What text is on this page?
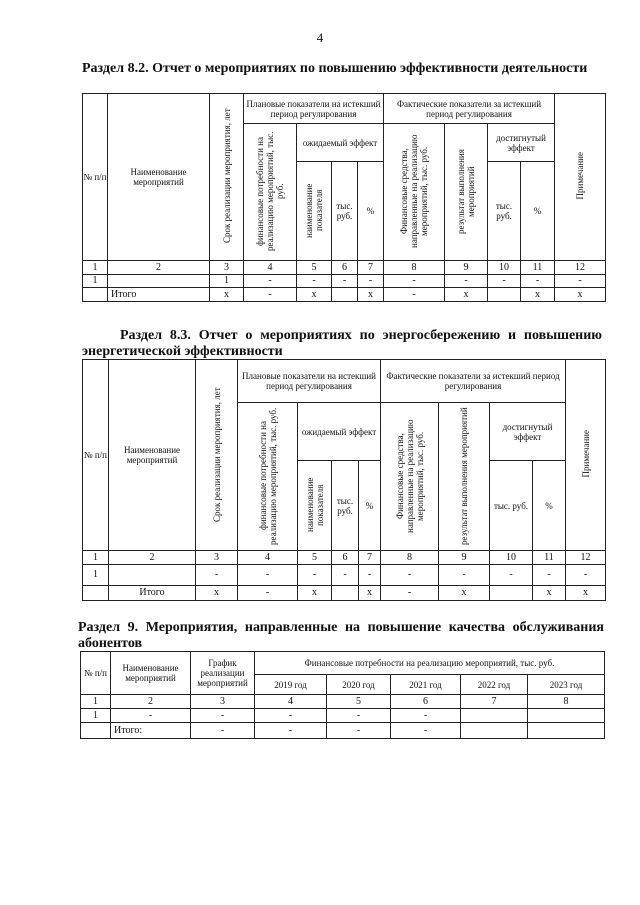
4
Раздел 8.2. Отчет о мероприятиях по повышению эффективности деятельности
№ п/п	Наименование мероприятий	Срок реализации мероприятия, лет	Плановые показатели на истекший период регулирования				Фактические показатели за истекший период регулирования				Примечание
			финансовые потребности на реализацию мероприятий, тыс. руб.	ожидаемый эффект			Финансовые средства, направленные на реализацию мероприятий, тыс. руб.	результат выполнения мероприятий	достигнутый эффект		
				наименование показателя	тыс. руб.	%			тыс. руб.	%	
1	2	3	4	5	6	7	8	9	10	11	12
1		1	-	-	-	-	-	-	-	-	-
	Итого	х	-	х		х	-	х		х	х
Раздел 8.3. Отчет о мероприятиях по энергосбережению и повышению энергетической эффективности
№ п/п	Наименование мероприятий	Срок реализации мероприятия, лет	Плановые показатели на истекший период регулирования				Фактические показатели за истекший период регулирования				Примечание
			финансовые потребности на реализацию мероприятий, тыс. руб.	ожидаемый эффект			Финансовые средства, направленные на реализацию мероприятий, тыс. руб.	результат выполнения мероприятий	достигнутый эффект		
				наименование показателя	тыс. руб.	%			тыс. руб.	%	
1	2	3	4	5	6	7	8	9	10	11	12
1		-	-	-	-	-	-	-	-	-	-
	Итого	х	-	х		х	-	х		х	х
Раздел 9. Мероприятия, направленные на повышение качества обслуживания абонентов
№ п/п	Наименование мероприятий	График реализации мероприятий	Финансовые потребности на реализацию мероприятий, тыс. руб.				
			2019 год	2020 год	2021 год	2022 год	2023 год
1	2	3	4	5	6	7	8
1	-	-	-	-	-		
	Итого:	-	-	-	-		
